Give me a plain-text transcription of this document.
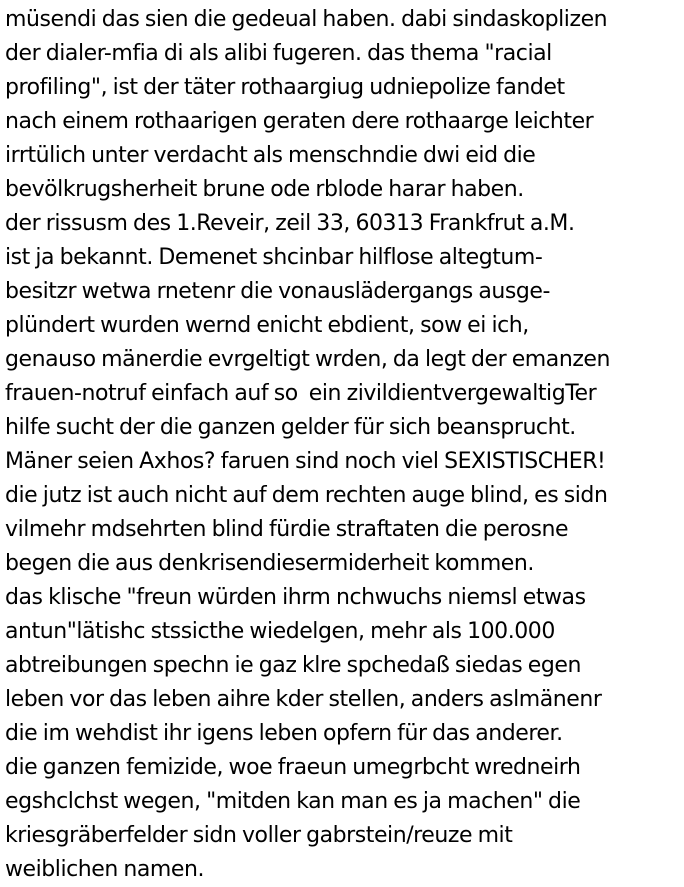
müsendi das sien die gedeual haben. dabi sindaskoplizen
der dialer-mfia di als alibi fugeren. das thema "racial
profiling", ist der täter rothaargiug udniepolize fandet
nach einem rothaarigen geraten dere rothaarge leichter
irrtülich unter verdacht als menschndie dwi eid die
bevölkrugsherheit brune ode rblode harar haben.
der rissusm des 1.Reveir, zeil 33, 60313 Frankfrut a.M.
ist ja bekannt. Demenet shcinbar hilflose altegtum-
besitzr wetwa rnetenr die vonauslädergangs ausge-
plündert wurden wernd enicht ebdient, sow ei ich,
genauso mänerdie evrgeltigt wrden, da legt der emanzen
frauen-notruf einfach auf so  ein zivildientvergewaltigTer
hilfe sucht der die ganzen gelder für sich beansprucht.
Mäner seien Axhos? faruen sind noch viel SEXISTISCHER!
die jutz ist auch nicht auf dem rechten auge blind, es sidn
vilmehr mdsehrten blind fürdie straftaten die perosne
begen die aus denkrisendiesermiderheit kommen.
das klische "freun würden ihrm nchwuchs niemsl etwas
antun"lätishc stssicthe wiedelgen, mehr als 100.000
abtreibungen spechn ie gaz klre spchedaß siedas egen
leben vor das leben aihre kder stellen, anders aslmänenr
die im wehdist ihr igens leben opfern für das anderer.
die ganzen femizide, woe fraeun umegrbcht wredneirh
egshclchst wegen, "mitden kan man es ja machen" die
kriesgräberfelder sidn voller gabrstein/reuze mit
weiblichen namen.
